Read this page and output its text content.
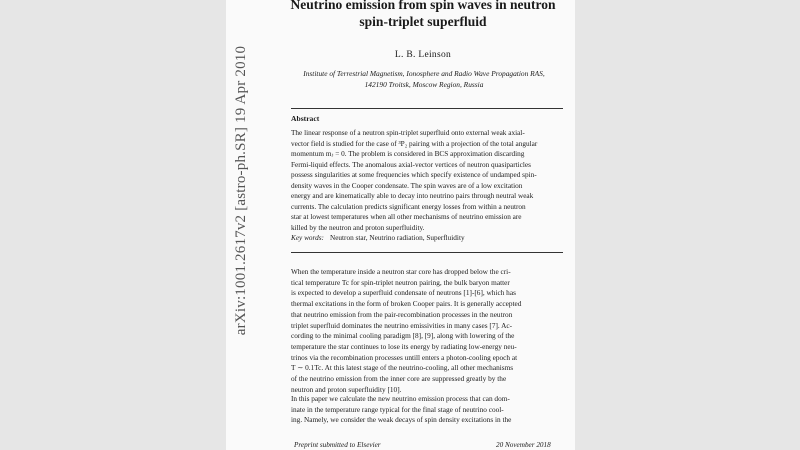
arXiv:1001.2617v2 [astro-ph.SR] 19 Apr 2010
Neutrino emission from spin waves in neutron
spin-triplet superfluid
L. B. Leinson
Institute of Terrestrial Magnetism, Ionosphere and Radio Wave Propagation RAS,
142190 Troitsk, Moscow Region, Russia
Abstract
The linear response of a neutron spin-triplet superfluid onto external weak axial-
vector field is studied for the case of ³P₂ pairing with a projection of the total angular
momentum mⱼ = 0. The problem is considered in BCS approximation discarding
Fermi-liquid effects. The anomalous axial-vector vertices of neutron quasiparticles
possess singularities at some frequencies which specify existence of undamped spin-
density waves in the Cooper condensate. The spin waves are of a low excitation
energy and are kinematically able to decay into neutrino pairs through neutral weak
currents. The calculation predicts significant energy losses from within a neutron
star at lowest temperatures when all other mechanisms of neutrino emission are
killed by the neutron and proton superfluidity.
Key words: Neutron star, Neutrino radiation, Superfluidity
When the temperature inside a neutron star core has dropped below the cri-
tical temperature Tc for spin-triplet neutron pairing, the bulk baryon matter
is expected to develop a superfluid condensate of neutrons [1]-[6], which has
thermal excitations in the form of broken Cooper pairs. It is generally accepted
that neutrino emission from the pair-recombination processes in the neutron
triplet superfluid dominates the neutrino emissivities in many cases [7]. Ac-
cording to the minimal cooling paradigm [8], [9], along with lowering of the
temperature the star continues to lose its energy by radiating low-energy neu-
trinos via the recombination processes untill enters a photon-cooling epoch at
T ∼ 0.1Tc. At this latest stage of the neutrino-cooling, all other mechanisms
of the neutrino emission from the inner core are suppressed greatly by the
neutron and proton superfluidity [10].
In this paper we calculate the new neutrino emission process that can dom-
inate in the temperature range typical for the final stage of neutrino cool-
ing. Namely, we consider the weak decays of spin density excitations in the
Preprint submitted to Elsevier	20 November 2018
